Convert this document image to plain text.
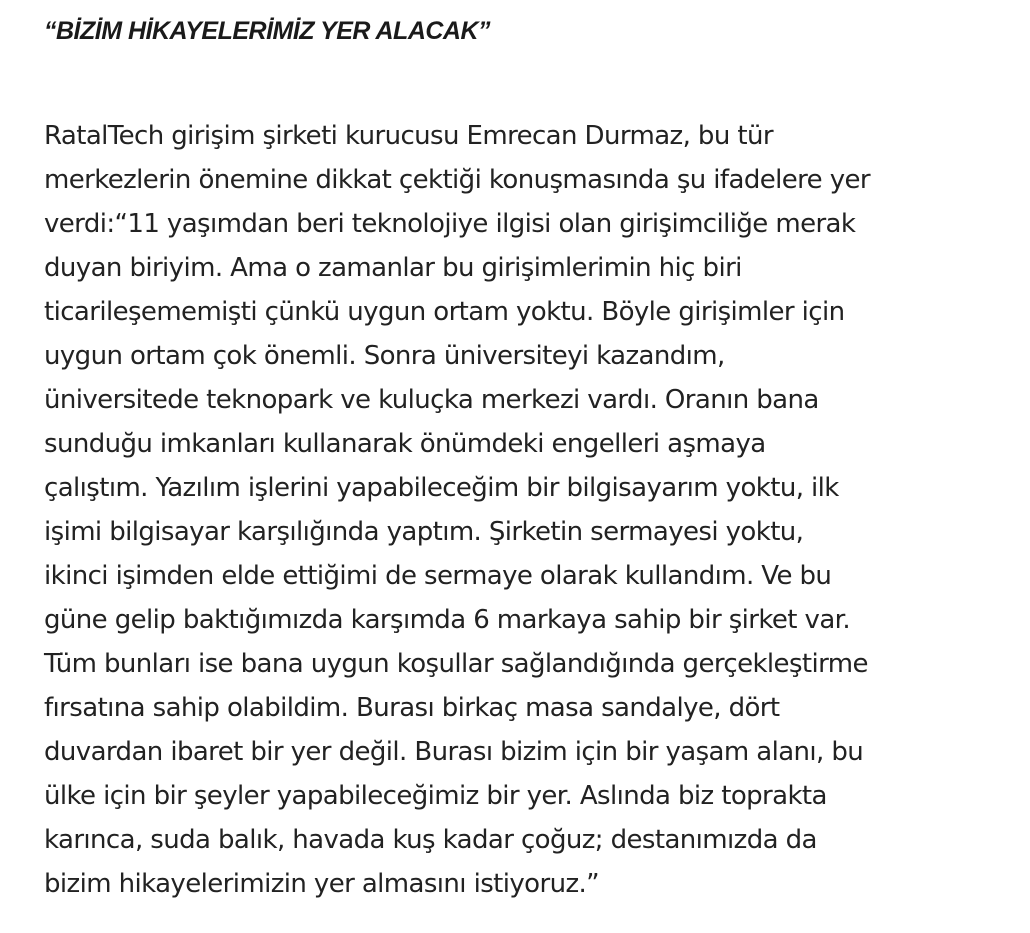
“BİZİM HİKAYELERİMİZ YER ALACAK”

RatalTech girişim şirketi kurucusu Emrecan Durmaz, bu tür
merkezlerin önemine dikkat çektiği konuşmasında şu ifadelere yer
verdi:“11 yaşımdan beri teknolojiye ilgisi olan girişimciliğe merak
duyan biriyim. Ama o zamanlar bu girişimlerimin hiç biri
ticarileşememişti çünkü uygun ortam yoktu. Böyle girişimler için
uygun ortam çok önemli. Sonra üniversiteyi kazandım,
üniversitede teknopark ve kuluçka merkezi vardı. Oranın bana
sunduğu imkanları kullanarak önümdeki engelleri aşmaya
çalıştım. Yazılım işlerini yapabileceğim bir bilgisayarım yoktu, ilk
işimi bilgisayar karşılığında yaptım. Şirketin sermayesi yoktu,
ikinci işimden elde ettiğimi de sermaye olarak kullandım. Ve bu
güne gelip baktığımızda karşımda 6 markaya sahip bir şirket var.
Tüm bunları ise bana uygun koşullar sağlandığında gerçekleştirme
fırsatına sahip olabildim. Burası birkaç masa sandalye, dört
duvardan ibaret bir yer değil. Burası bizim için bir yaşam alanı, bu
ülke için bir şeyler yapabileceğimiz bir yer. Aslında biz toprakta
karınca, suda balık, havada kuş kadar çoğuz; destanımızda da
bizim hikayelerimizin yer almasını istiyoruz.”
